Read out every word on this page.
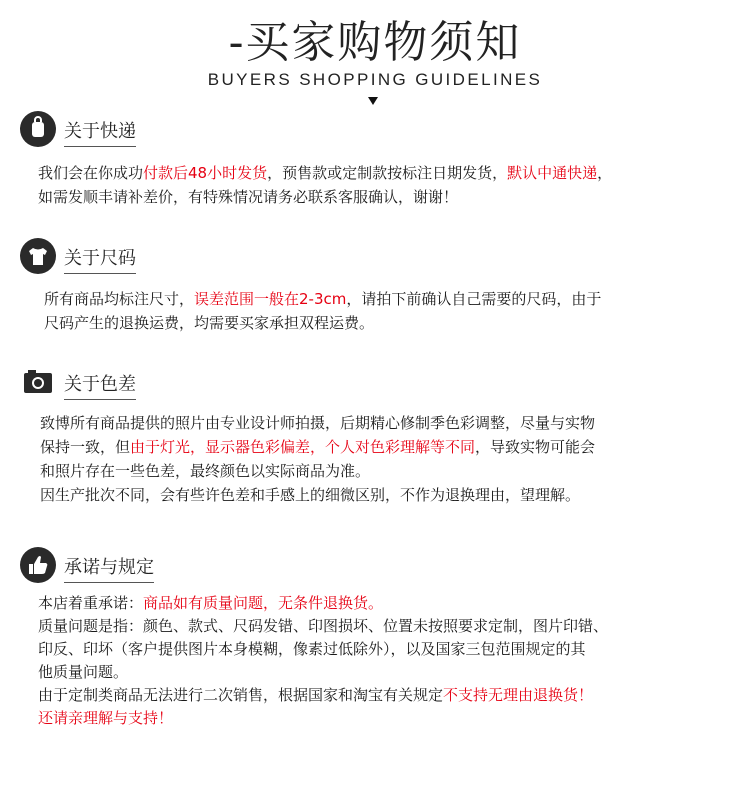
-买家购物须知
BUYERS SHOPPING GUIDELINES
关于快递
我们会在你成功付款后48小时发货，预售款或定制款按标注日期发货，默认中通快递，
如需发顺丰请补差价，有特殊情况请务必联系客服确认，谢谢！
关于尺码
所有商品均标注尺寸，误差范围一般在2-3cm，请拍下前确认自己需要的尺码，由于
尺码产生的退换运费，均需要买家承担双程运费。
关于色差
致博所有商品提供的照片由专业设计师拍摄，后期精心修制季色彩调整，尽量与实物
保持一致，但由于灯光，显示器色彩偏差，个人对色彩理解等不同，导致实物可能会
和照片存在一些色差，最终颜色以实际商品为准。
因生产批次不同，会有些许色差和手感上的细微区别，不作为退换理由，望理解。
承诺与规定
本店着重承诺：商品如有质量问题，无条件退换货。
质量问题是指：颜色、款式、尺码发错、印图损坏、位置未按照要求定制，图片印错、
印反、印坏（客户提供图片本身模糊，像素过低除外），以及国家三包范围规定的其
他质量问题。
由于定制类商品无法进行二次销售，根据国家和淘宝有关规定不支持无理由退换货！
还请亲理解与支持！
